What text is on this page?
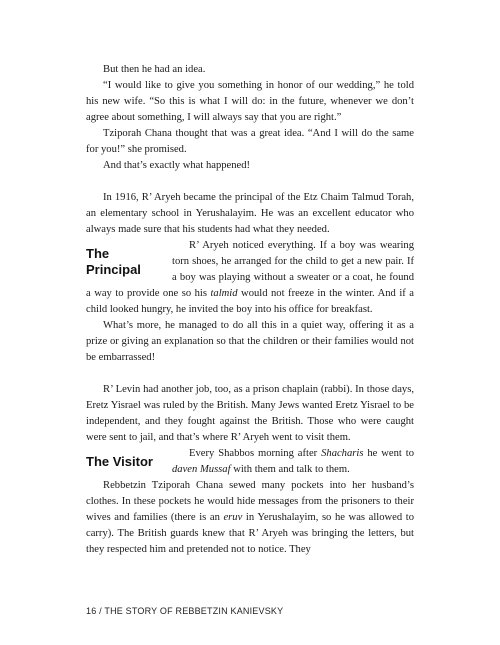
But then he had an idea.

“I would like to give you something in honor of our wedding,” he told his new wife. “So this is what I will do: in the future, whenever we don’t agree about something, I will always say that you are right.”

Tziporah Chana thought that was a great idea. “And I will do the same for you!” she promised.

And that’s exactly what happened!

In 1916, R’ Aryeh became the principal of the Etz Chaim Talmud Torah, an elementary school in Yerushalayim. He was an excellent educator who always made sure that his students had what they needed.

The Principal

R’ Aryeh noticed everything. If a boy was wearing torn shoes, he arranged for the child to get a new pair. If a boy was playing without a sweater or a coat, he found a way to provide one so his talmid would not freeze in the winter. And if a child looked hungry, he invited the boy into his office for breakfast.

What’s more, he managed to do all this in a quiet way, offering it as a prize or giving an explanation so that the children or their families would not be embarrassed!

R’ Levin had another job, too, as a prison chaplain (rabbi). In those days, Eretz Yisrael was ruled by the British. Many Jews wanted Eretz Yisrael to be independent, and they fought against the British. Those who were caught were sent to jail, and that’s where R’ Aryeh went to visit them.

The Visitor

Every Shabbos morning after Shacharis he went to daven Mussaf with them and talk to them.

Rebbetzin Tziporah Chana sewed many pockets into her husband’s clothes. In these pockets he would hide messages from the prisoners to their wives and families (there is an eruv in Yerushalayim, so he was allowed to carry). The British guards knew that R’ Aryeh was bringing the letters, but they respected him and pretended not to notice. They

16 / THE STORY OF REBBETZIN KANIEVSKY
